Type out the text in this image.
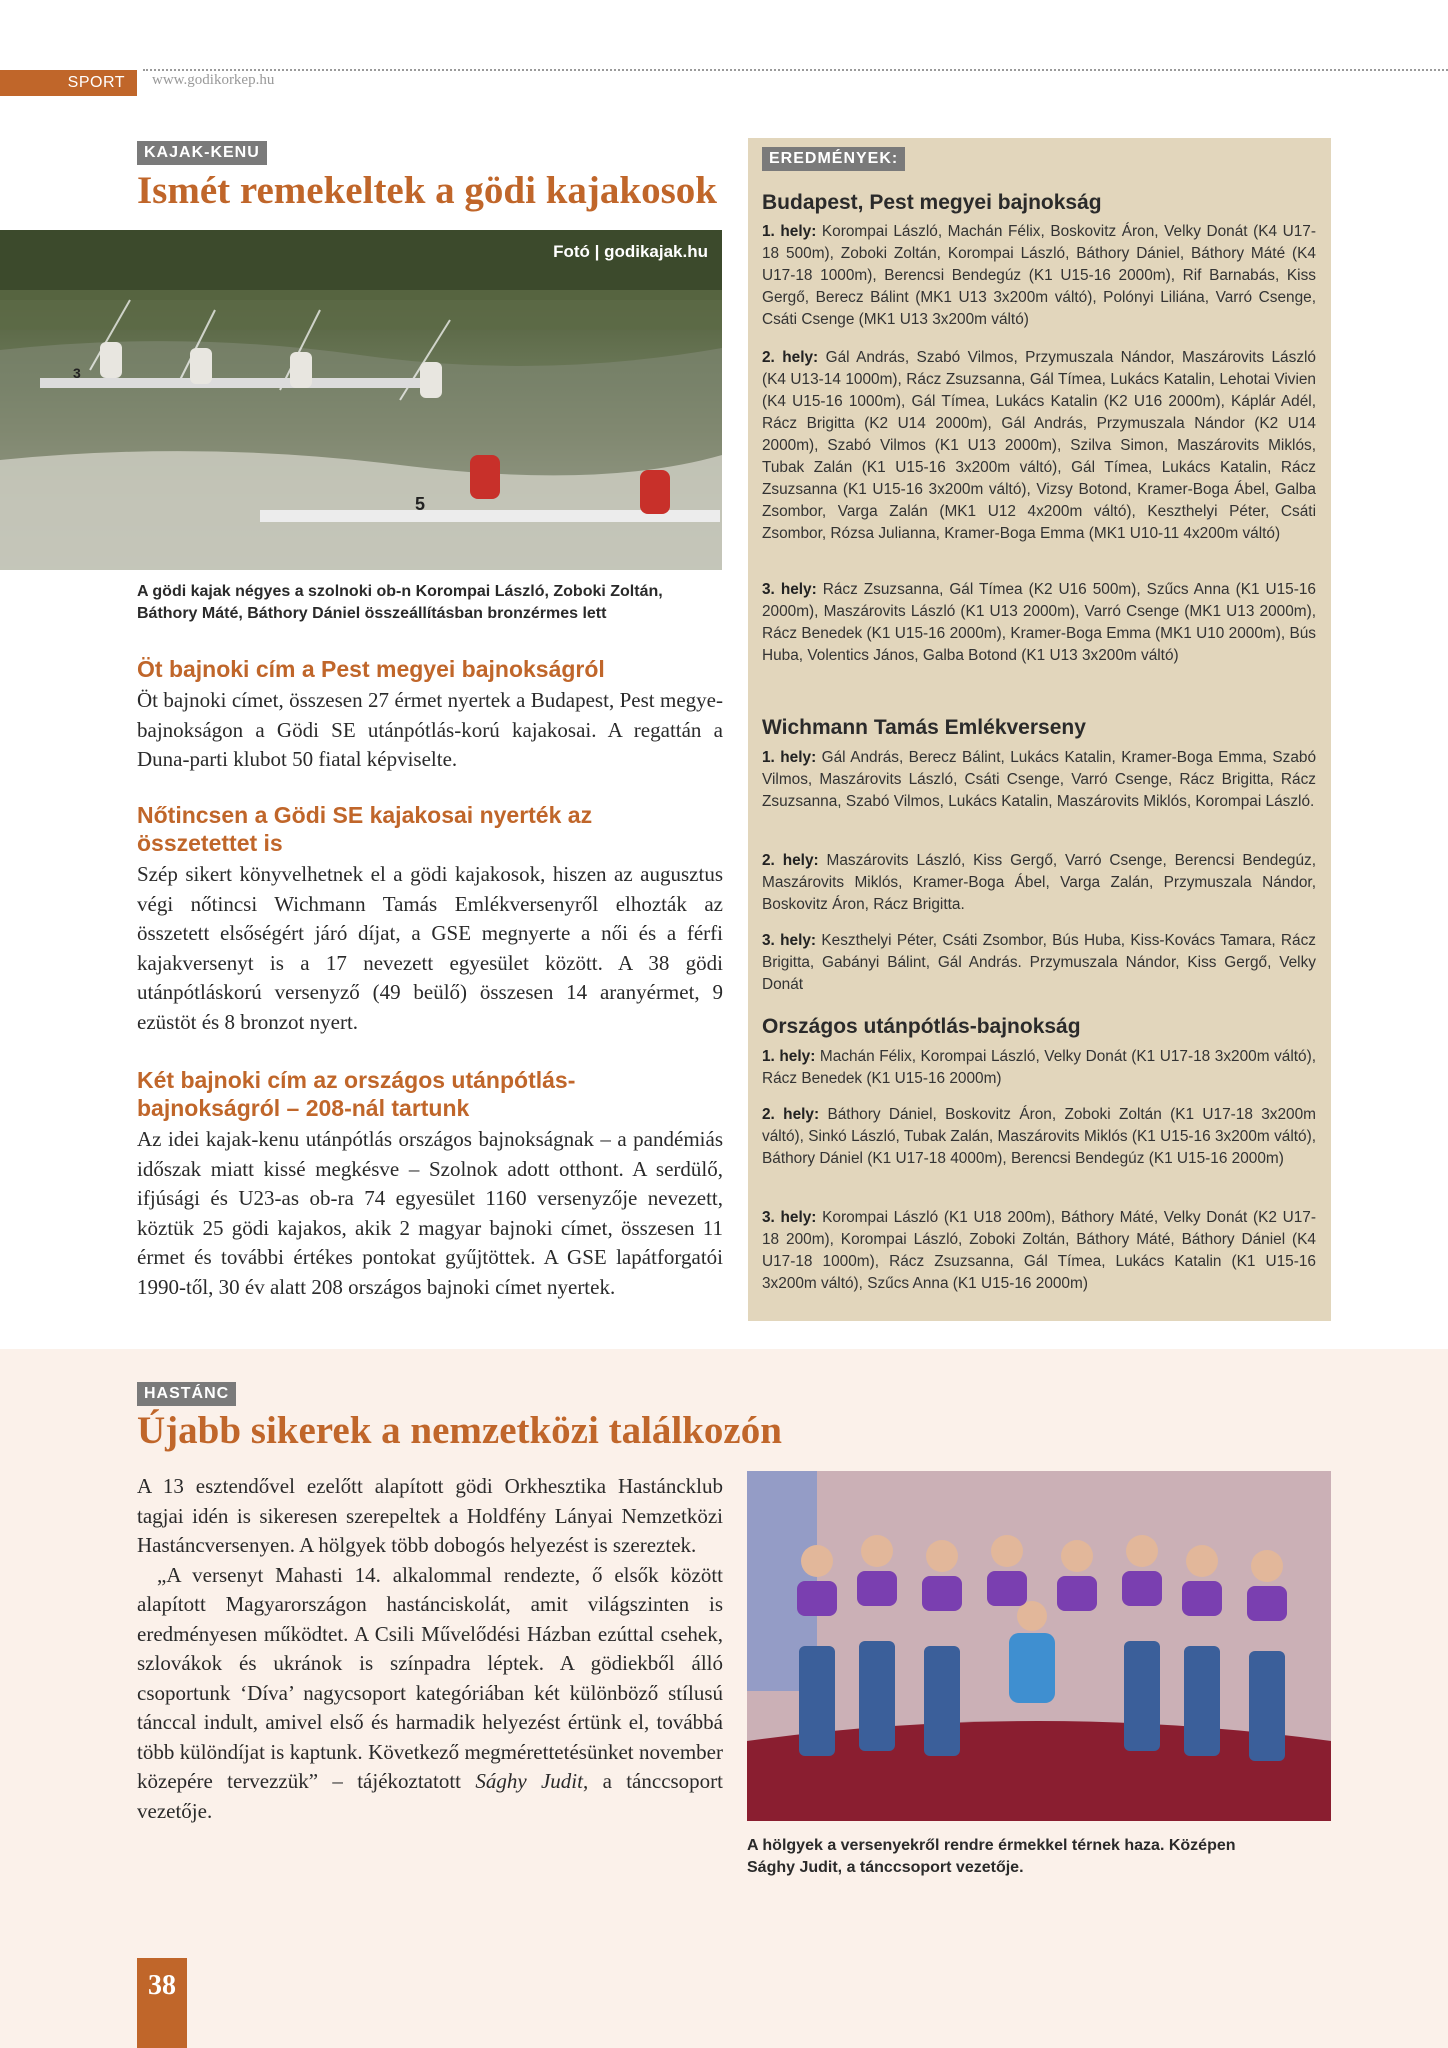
SPORT	www.godikorkep.hu
KAJAK-KENU
Ismét remekeltek a gödi kajakosok
5
3
Fotó | godikajak.hu
A gödi kajak négyes a szolnoki ob-n Korompai László, Zoboki Zoltán,
Báthory Máté, Báthory Dániel összeállításban bronzérmes lett
Öt bajnoki cím a Pest megyei bajnokságról
Öt bajnoki címet, összesen 27 érmet nyertek a Budapest, Pest megye-bajnokságon a Gödi SE utánpótlás-korú kajakosai. A regattán a Duna-parti klubot 50 fiatal képviselte.
Nőtincsen a Gödi SE kajakosai nyerték az összetettet is
Szép sikert könyvelhetnek el a gödi kajakosok, hiszen az augusztus végi nőtincsi Wichmann Tamás Emlékversenyről elhozták az összetett elsőségért járó díjat, a GSE megnyerte a női és a férfi kajakversenyt is a 17 nevezett egyesület között. A 38 gödi utánpótláskorú versenyző (49 beülő) összesen 14 aranyérmet, 9 ezüstöt és 8 bronzot nyert.
Két bajnoki cím az országos utánpótlás-bajnokságról – 208-nál tartunk
Az idei kajak-kenu utánpótlás országos bajnokságnak – a pandémiás időszak miatt kissé megkésve – Szolnok adott otthont. A serdülő, ifjúsági és U23-as ob-ra 74 egyesület 1160 versenyzője nevezett, köztük 25 gödi kajakos, akik 2 magyar bajnoki címet, összesen 11 érmet és további értékes pontokat gyűjtöttek. A GSE lapátforgatói 1990-től, 30 év alatt 208 országos bajnoki címet nyertek.
EREDMÉNYEK:
Budapest, Pest megyei bajnokság
1. hely: Korompai László, Machán Félix, Boskovitz Áron, Velky Donát (K4 U17-18 500m), Zoboki Zoltán, Korompai László, Báthory Dániel, Báthory Máté (K4 U17-18 1000m), Berencsi Bendegúz (K1 U15-16 2000m), Rif Barnabás, Kiss Gergő, Berecz Bálint (MK1 U13 3x200m váltó), Polónyi Liliána, Varró Csenge, Csáti Csenge (MK1 U13 3x200m váltó)
2. hely: Gál András, Szabó Vilmos, Przymuszala Nándor, Maszárovits László (K4 U13-14 1000m), Rácz Zsuzsanna, Gál Tímea, Lukács Katalin, Lehotai Vivien (K4 U15-16 1000m), Gál Tímea, Lukács Katalin (K2 U16 2000m), Káplár Adél, Rácz Brigitta (K2 U14 2000m), Gál András, Przymuszala Nándor (K2 U14 2000m), Szabó Vilmos (K1 U13 2000m), Szilva Simon, Maszárovits Miklós, Tubak Zalán (K1 U15-16 3x200m váltó), Gál Tímea, Lukács Katalin, Rácz Zsuzsanna (K1 U15-16 3x200m váltó), Vizsy Botond, Kramer-Boga Ábel, Galba Zsombor, Varga Zalán (MK1 U12 4x200m váltó), Keszthelyi Péter, Csáti Zsombor, Rózsa Julianna, Kramer-Boga Emma (MK1 U10-11 4x200m váltó)
3. hely: Rácz Zsuzsanna, Gál Tímea (K2 U16 500m), Szűcs Anna (K1 U15-16 2000m), Maszárovits László (K1 U13 2000m), Varró Csenge (MK1 U13 2000m), Rácz Benedek (K1 U15-16 2000m), Kramer-Boga Emma (MK1 U10 2000m), Bús Huba, Volentics János, Galba Botond (K1 U13 3x200m váltó)
Wichmann Tamás Emlékverseny
1. hely: Gál András, Berecz Bálint, Lukács Katalin, Kramer-Boga Emma, Szabó Vilmos, Maszárovits László, Csáti Csenge, Varró Csenge, Rácz Brigitta, Rácz Zsuzsanna, Szabó Vilmos, Lukács Katalin, Maszárovits Miklós, Korompai László.
2. hely: Maszárovits László, Kiss Gergő, Varró Csenge, Berencsi Bendegúz, Maszárovits Miklós, Kramer-Boga Ábel, Varga Zalán, Przymuszala Nándor, Boskovitz Áron, Rácz Brigitta.
3. hely: Keszthelyi Péter, Csáti Zsombor, Bús Huba, Kiss-Kovács Tamara, Rácz Brigitta, Gabányi Bálint, Gál András. Przymuszala Nándor, Kiss Gergő, Velky Donát
Országos utánpótlás-bajnokság
1. hely: Machán Félix, Korompai László, Velky Donát (K1 U17-18 3x200m váltó), Rácz Benedek (K1 U15-16 2000m)
2. hely: Báthory Dániel, Boskovitz Áron, Zoboki Zoltán (K1 U17-18 3x200m váltó), Sinkó László, Tubak Zalán, Maszárovits Miklós (K1 U15-16 3x200m váltó), Báthory Dániel (K1 U17-18 4000m), Berencsi Bendegúz (K1 U15-16 2000m)
3. hely: Korompai László (K1 U18 200m), Báthory Máté, Velky Donát (K2 U17-18 200m), Korompai László, Zoboki Zoltán, Báthory Máté, Báthory Dániel (K4 U17-18 1000m), Rácz Zsuzsanna, Gál Tímea, Lukács Katalin (K1 U15-16 3x200m váltó), Szűcs Anna (K1 U15-16 2000m)
HASTÁNC
Újabb sikerek a nemzetközi találkozón
A 13 esztendővel ezelőtt alapított gödi Orkhesztika Hastáncklub tagjai idén is sikeresen szerepeltek a Holdfény Lányai Nemzetközi Hastáncversenyen. A hölgyek több dobogós helyezést is szereztek.
„A versenyt Mahasti 14. alkalommal rendezte, ő elsők között alapított Magyarországon hastánciskolát, amit világszinten is eredményesen működtet. A Csili Művelődési Házban ezúttal csehek, szlovákok és ukránok is színpadra léptek. A gödiekből álló csoportunk ‘Díva’ nagycsoport kategóriában két különböző stílusú tánccal indult, amivel első és harmadik helyezést értünk el, továbbá több különdíjat is kaptunk. Következő megmérettetésünket november közepére tervezzük” – tájékoztatott Sághy Judit, a tánccsoport vezetője.
A hölgyek a versenyekről rendre érmekkel térnek haza. Középen
Sághy Judit, a tánccsoport vezetője.
38
